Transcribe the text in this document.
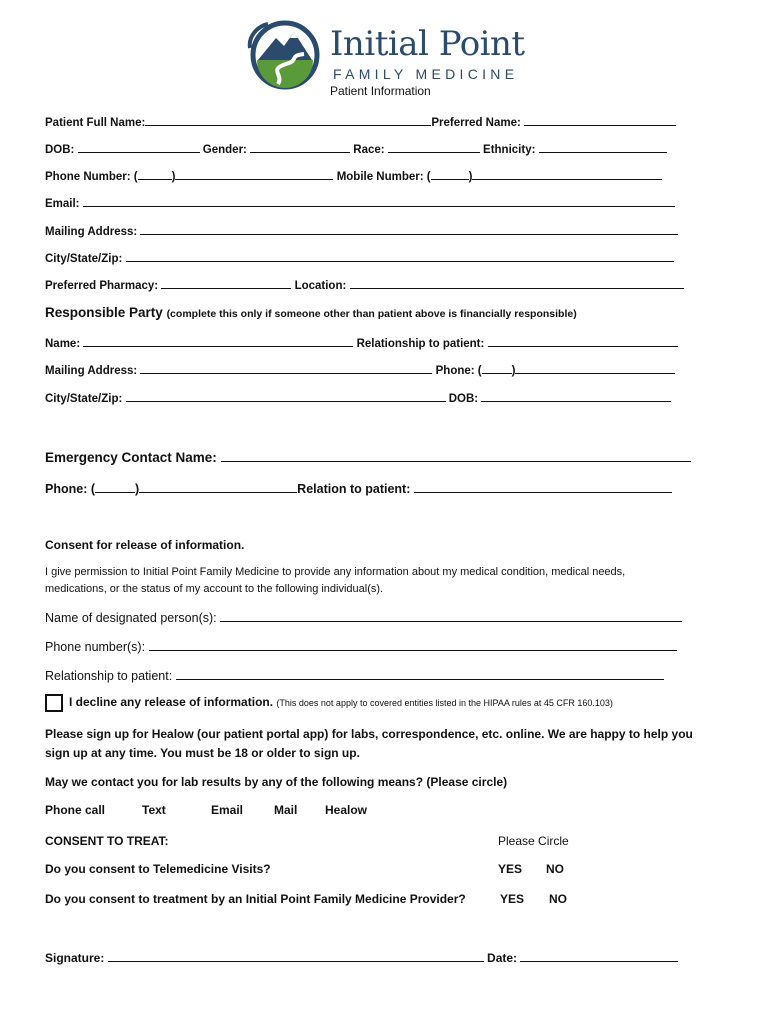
Initial Point
FAMILY MEDICINE
Patient Information
Patient Full Name:	Preferred Name:
DOB:	Gender:	Race:	Ethnicity:
Phone Number: (	)	Mobile Number: (	)
Email:
Mailing Address:
City/State/Zip:
Preferred Pharmacy:	Location:
Responsible Party (complete this only if someone other than patient above is financially responsible)
Name:	Relationship to patient:
Mailing Address:	Phone: (	)
City/State/Zip:	DOB:
Emergency Contact Name:
Phone: (	)	Relation to patient:
Consent for release of information.
I give permission to Initial Point Family Medicine to provide any information about my medical condition, medical needs,
medications, or the status of my account to the following individual(s).
Name of designated person(s):
Phone number(s):
Relationship to patient:
I decline any release of information. (This does not apply to covered entities listed in the HIPAA rules at 45 CFR 160.103)
Please sign up for Healow (our patient portal app) for labs, correspondence, etc. online. We are happy to help you
sign up at any time. You must be 18 or older to sign up.
May we contact you for lab results by any of the following means? (Please circle)
Phone call	Text	Email	Mail Healow
CONSENT TO TREAT:	Please Circle
Do you consent to Telemedicine Visits?	YES NO
Do you consent to treatment by an Initial Point Family Medicine Provider?	YES NO
Signature:	Date:
